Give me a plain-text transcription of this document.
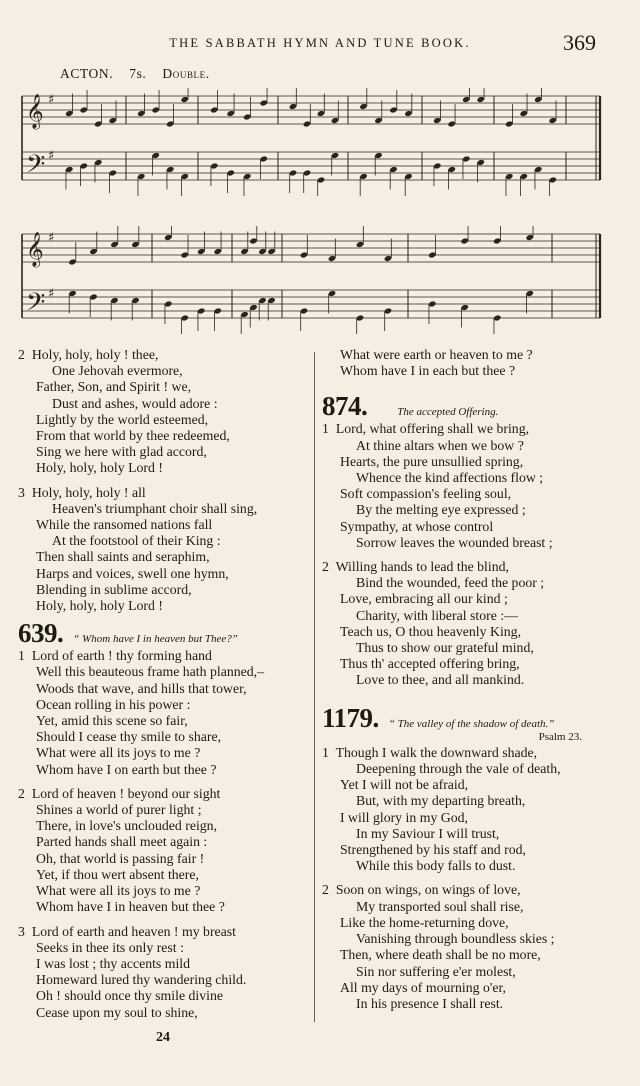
THE SABBATH HYMN AND TUNE BOOK.	369
ACTON. 7s. Double.
𝄞 ♯
𝄢 ♯
𝄞 ♯
𝄢 ♯
2 Holy, holy, holy ! thee,
One Jehovah evermore,
Father, Son, and Spirit ! we,
Dust and ashes, would adore :
Lightly by the world esteemed,
From that world by thee redeemed,
Sing we here with glad accord,
Holy, holy, holy Lord !
3 Holy, holy, holy ! all
Heaven's triumphant choir shall sing,
While the ransomed nations fall
At the footstool of their King :
Then shall saints and seraphim,
Harps and voices, swell one hymn,
Blending in sublime accord,
Holy, holy, holy Lord !
639. “ Whom have I in heaven but Thee?”
1 Lord of earth ! thy forming hand
Well this beauteous frame hath planned,–
Woods that wave, and hills that tower,
Ocean rolling in his power :
Yet, amid this scene so fair,
Should I cease thy smile to share,
What were all its joys to me ?
Whom have I on earth but thee ?
2 Lord of heaven ! beyond our sight
Shines a world of purer light ;
There, in love's unclouded reign,
Parted hands shall meet again :
Oh, that world is passing fair !
Yet, if thou wert absent there,
What were all its joys to me ?
Whom have I in heaven but thee ?
3 Lord of earth and heaven ! my breast
Seeks in thee its only rest :
I was lost ; thy accents mild
Homeward lured thy wandering child.
Oh ! should once thy smile divine
Cease upon my soul to shine,
What were earth or heaven to me ?
Whom have I in each but thee ?
874.	The accepted Offering.
1 Lord, what offering shall we bring,
At thine altars when we bow ?
Hearts, the pure unsullied spring,
Whence the kind affections flow ;
Soft compassion's feeling soul,
By the melting eye expressed ;
Sympathy, at whose control
Sorrow leaves the wounded breast ;
2 Willing hands to lead the blind,
Bind the wounded, feed the poor ;
Love, embracing all our kind ;
Charity, with liberal store :—
Teach us, O thou heavenly King,
Thus to show our grateful mind,
Thus th' accepted offering bring,
Love to thee, and all mankind.
1179. “ The valley of the shadow of death.”
Psalm 23.
1 Though I walk the downward shade,
Deepening through the vale of death,
Yet I will not be afraid,
But, with my departing breath,
I will glory in my God,
In my Saviour I will trust,
Strengthened by his staff and rod,
While this body falls to dust.
2 Soon on wings, on wings of love,
My transported soul shall rise,
Like the home-returning dove,
Vanishing through boundless skies ;
Then, where death shall be no more,
Sin nor suffering e'er molest,
All my days of mourning o'er,
In his presence I shall rest.
24
